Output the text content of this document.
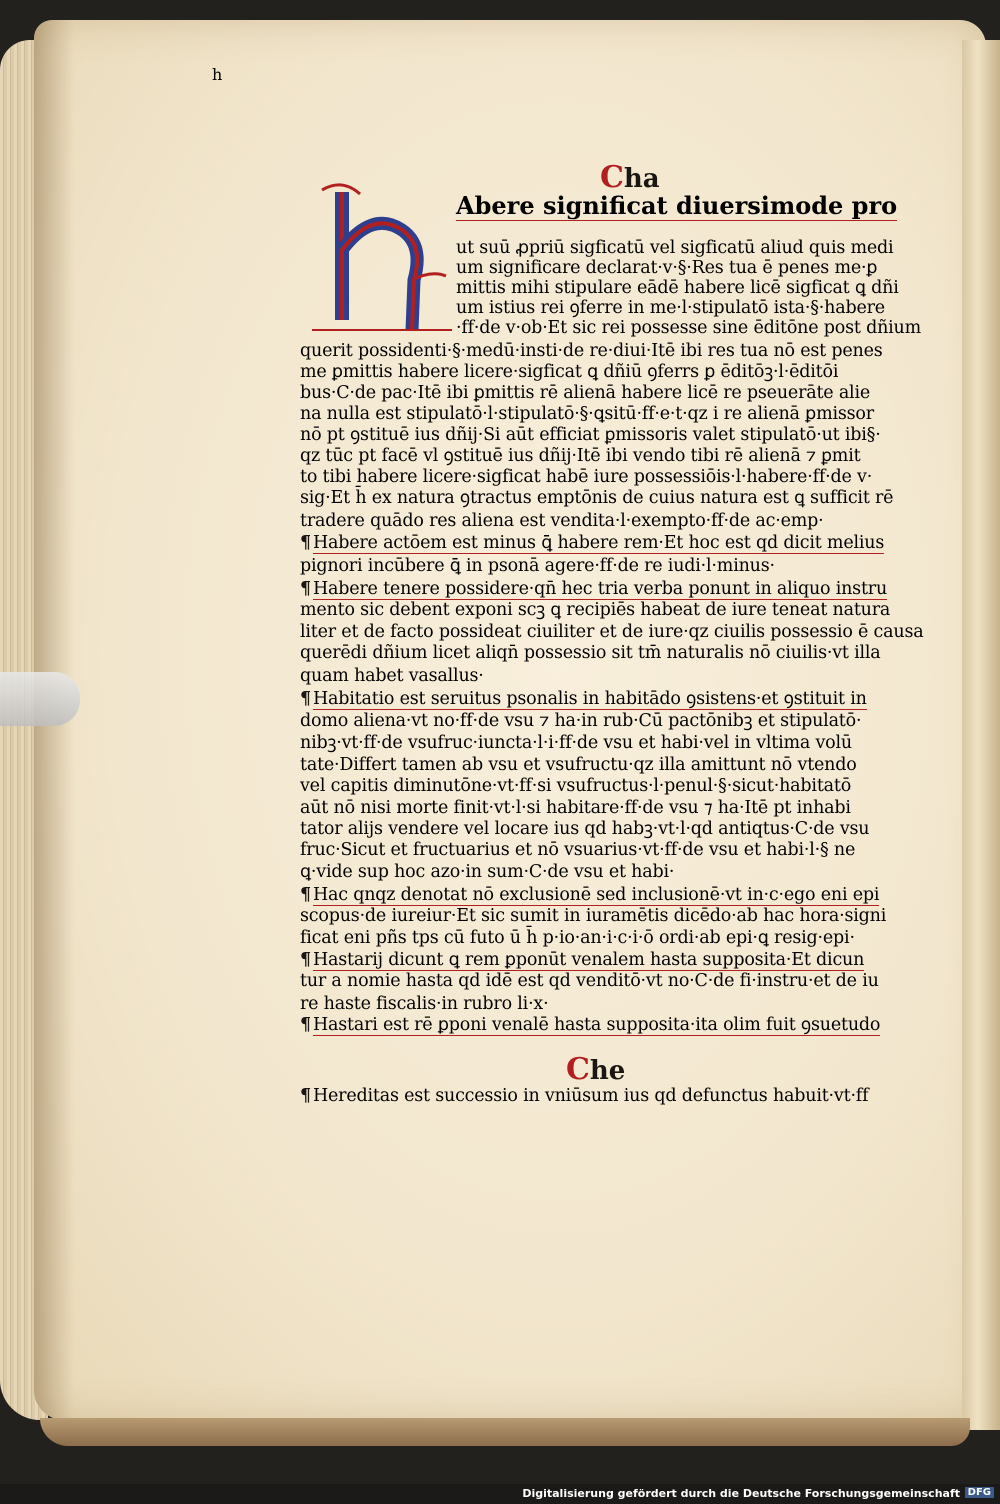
Cha
h
Abere significat diuersimode pro
ut suū ꝓpriū sigficatū vel sigficatū aliud quis medi
um significare declarat·v·§·Res tua ē penes me·ꝑ
mittis mihi stipulare eādē habere licē sigficat ꝗ dñi
um istius rei ꝯferre in me·l·stipulatō ista·§·habere
·ff·de v·ob·Et sic rei possesse sine ēditōne post dñium
querit possidenti·§·medū·insti·de re·diui·Itē ibi res tua nō est penes
me ꝑmittis habere licere·sigficat ꝗ dñiū ꝯferrs ꝑ ēditōꝫ·l·ēditōi
bus·C·de pac·Itē ibi ꝑmittis rē alienā habere licē re pseuerāte alie
na nulla est stipulatō·l·stipulatō·§·ꝗsitū·ff·e·t·qz i re alienā ꝑmissor
nō pt ꝯstituē ius dñij·Si aūt efficiat ꝑmissoris valet stipulatō·ut ibi§·
qz tūc pt facē vl ꝯstituē ius dñij·Itē ibi vendo tibi rē alienā ⁊ ꝑmit
to tibi habere licere·sigficat habē iure possessiōis·l·habere·ff·de v·
sig·Et h̄ ex natura ꝯtractus emptōnis de cuius natura est ꝗ sufficit rē
tradere quādo res aliena est vendita·l·exempto·ff·de ac·emp·
¶ Habere actōem est minus ꝗ̄ habere rem·Et hoc est qd dicit melius
pignori incūbere ꝗ̄ in psonā agere·ff·de re iudi·l·minus·
¶ Habere tenere possidere·qn̄ hec tria verba ponunt in aliquo instru
mento sic debent exponi scꝫ ꝗ recipiēs habeat de iure teneat natura
liter et de facto possideat ciuiliter et de iure·qz ciuilis possessio ē causa
querēdi dñium licet aliqn̄ possessio sit tm̄ naturalis nō ciuilis·vt illa
quam habet vasallus·
¶ Habitatio est seruitus psonalis in habitādo ꝯsistens·et ꝯstituit in
domo aliena·vt no·ff·de vsu ⁊ ha·in rub·Cū pactōnibꝫ et stipulatō·
nibꝫ·vt·ff·de vsufruc·iuncta·l·i·ff·de vsu et habi·vel in vltima volū
tate·Differt tamen ab vsu et vsufructu·qz illa amittunt nō vtendo
vel capitis diminutōne·vt·ff·si vsufructus·l·penul·§·sicut·habitatō
aūt nō nisi morte finit·vt·l·si habitare·ff·de vsu ⁊ ha·Itē pt inhabi
tator alijs vendere vel locare ius qd habꝫ·vt·l·qd antiqtus·C·de vsu
fruc·Sicut et fructuarius et nō vsuarius·vt·ff·de vsu et habi·l·§ ne
ꝗ·vide sup hoc azo·in sum·C·de vsu et habi·
¶ Hac qnqz denotat nō exclusionē sed inclusionē·vt in·c·ego eni epi
scopus·de iureiur·Et sic sumit in iuramētis dicēdo·ab hac hora·signi
ficat eni pñs tps cū futo ū h̄ p·io·an·i·c·i·ō ordi·ab epi·ꝗ resig·epi·
¶ Hastarij dicunt ꝗ rem ꝑponūt venalem hasta supposita·Et dicun
tur a nomie hasta qd idē est qd venditō·vt no·C·de fi·instru·et de iu
re haste fiscalis·in rubro li·x·
¶ Hastari est rē ꝑponi venalē hasta supposita·ita olim fuit ꝯsuetudo
Che
¶ Hereditas est successio in vniūsum ius qd defunctus habuit·vt·ff
Digitalisierung gefördert durch die Deutsche Forschungsgemeinschaft DFG
